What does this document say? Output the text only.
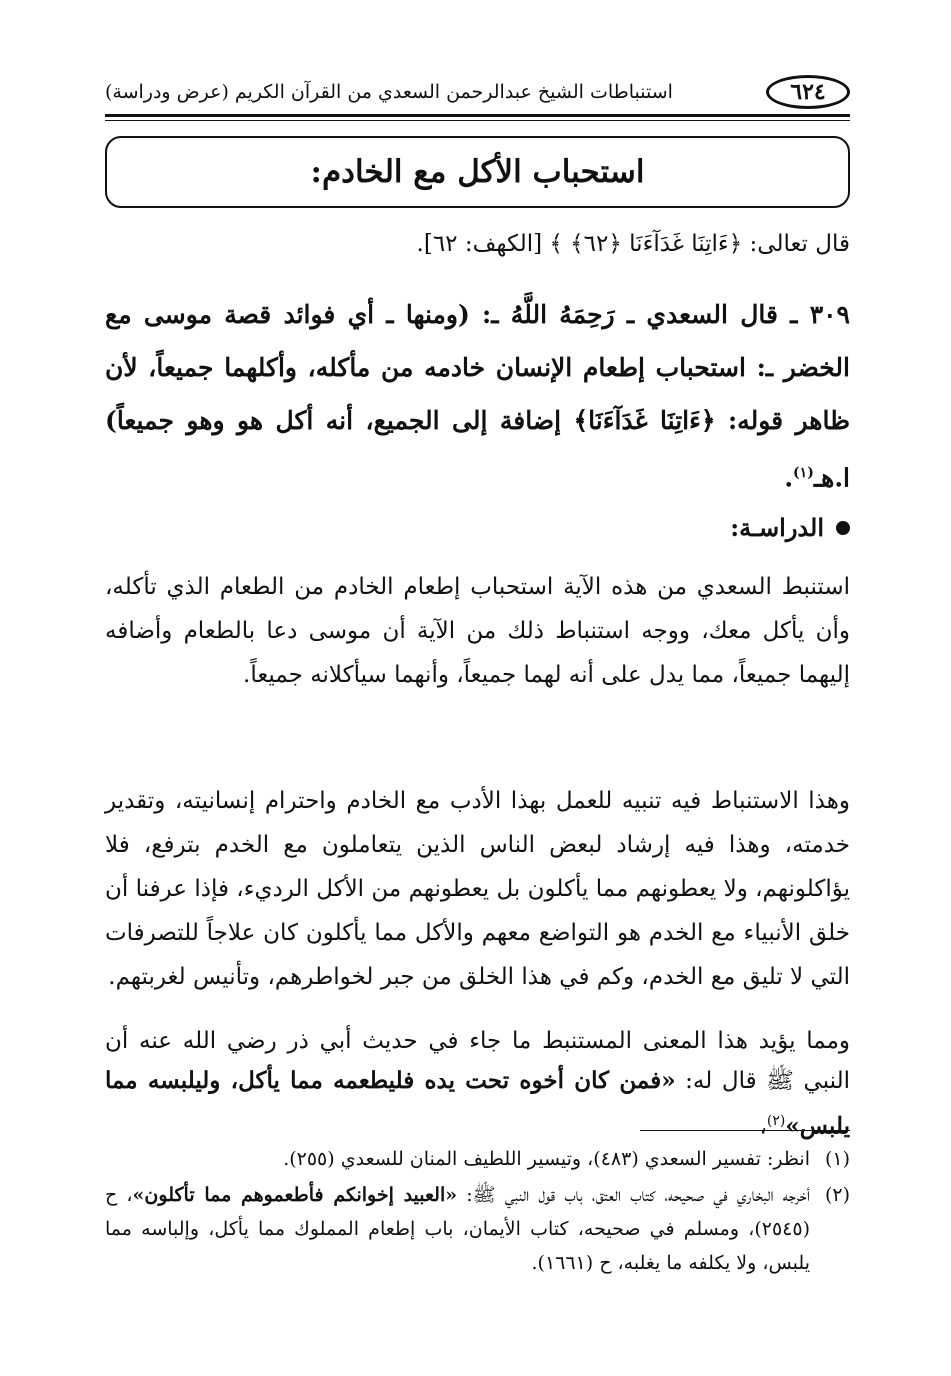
٦٢٤
استنباطات الشيخ عبدالرحمن السعدي من القرآن الكريم (عرض ودراسة)
استحباب الأكل مع الخادم:
قال تعالى: ﴿ءَاتِنَا غَدَآءَنَا ﴿٦٢﴾ ﴾ [الكهف: ٦٢].
٣٠٩ ـ قال السعدي ـ رَحِمَهُ اللَّهُ ـ: (ومنها ـ أي فوائد قصة موسى مع الخضر ـ: استحباب إطعام الإنسان خادمه من مأكله، وأكلهما جميعاً، لأن ظاهر قوله: ﴿ءَاتِنَا غَدَآءَنَا﴾ إضافة إلى الجميع، أنه أكل هو وهو جميعاً) ا.هـ$^{(١)}$.
الدراسـة:
استنبط السعدي من هذه الآية استحباب إطعام الخادم من الطعام الذي تأكله، وأن يأكل معك، ووجه استنباط ذلك من الآية أن موسى دعا بالطعام وأضافه إليهما جميعاً، مما يدل على أنه لهما جميعاً، وأنهما سيأكلانه جميعاً.
وهذا الاستنباط فيه تنبيه للعمل بهذا الأدب مع الخادم واحترام إنسانيته، وتقدير خدمته، وهذا فيه إرشاد لبعض الناس الذين يتعاملون مع الخدم بترفع، فلا يؤاكلونهم، ولا يعطونهم مما يأكلون بل يعطونهم من الأكل الرديء، فإذا عرفنا أن خلق الأنبياء مع الخدم هو التواضع معهم والأكل مما يأكلون كان علاجاً للتصرفات التي لا تليق مع الخدم، وكم في هذا الخلق من جبر لخواطرهم، وتأنيس لغربتهم.
ومما يؤيد هذا المعنى المستنبط ما جاء في حديث أبي ذر رضي الله عنه أن النبي ﷺ قال له: «فمن كان أخوه تحت يده فليطعمه مما يأكل، وليلبسه مما يلبس»$^{(٢)}$،
(١)
انظر: تفسير السعدي (٤٨٣)، وتيسير اللطيف المنان للسعدي (٢٥٥).
(٢)
أخرجه البخاري في صحيحه، كتاب العتق، باب قول النبي ﷺ: «العبيد إخوانكم فأطعموهم مما تأكلون»، ح (٢٥٤٥)، ومسلم في صحيحه، كتاب الأيمان، باب إطعام المملوك مما يأكل، وإلباسه مما يلبس، ولا يكلفه ما يغلبه، ح (١٦٦١).
